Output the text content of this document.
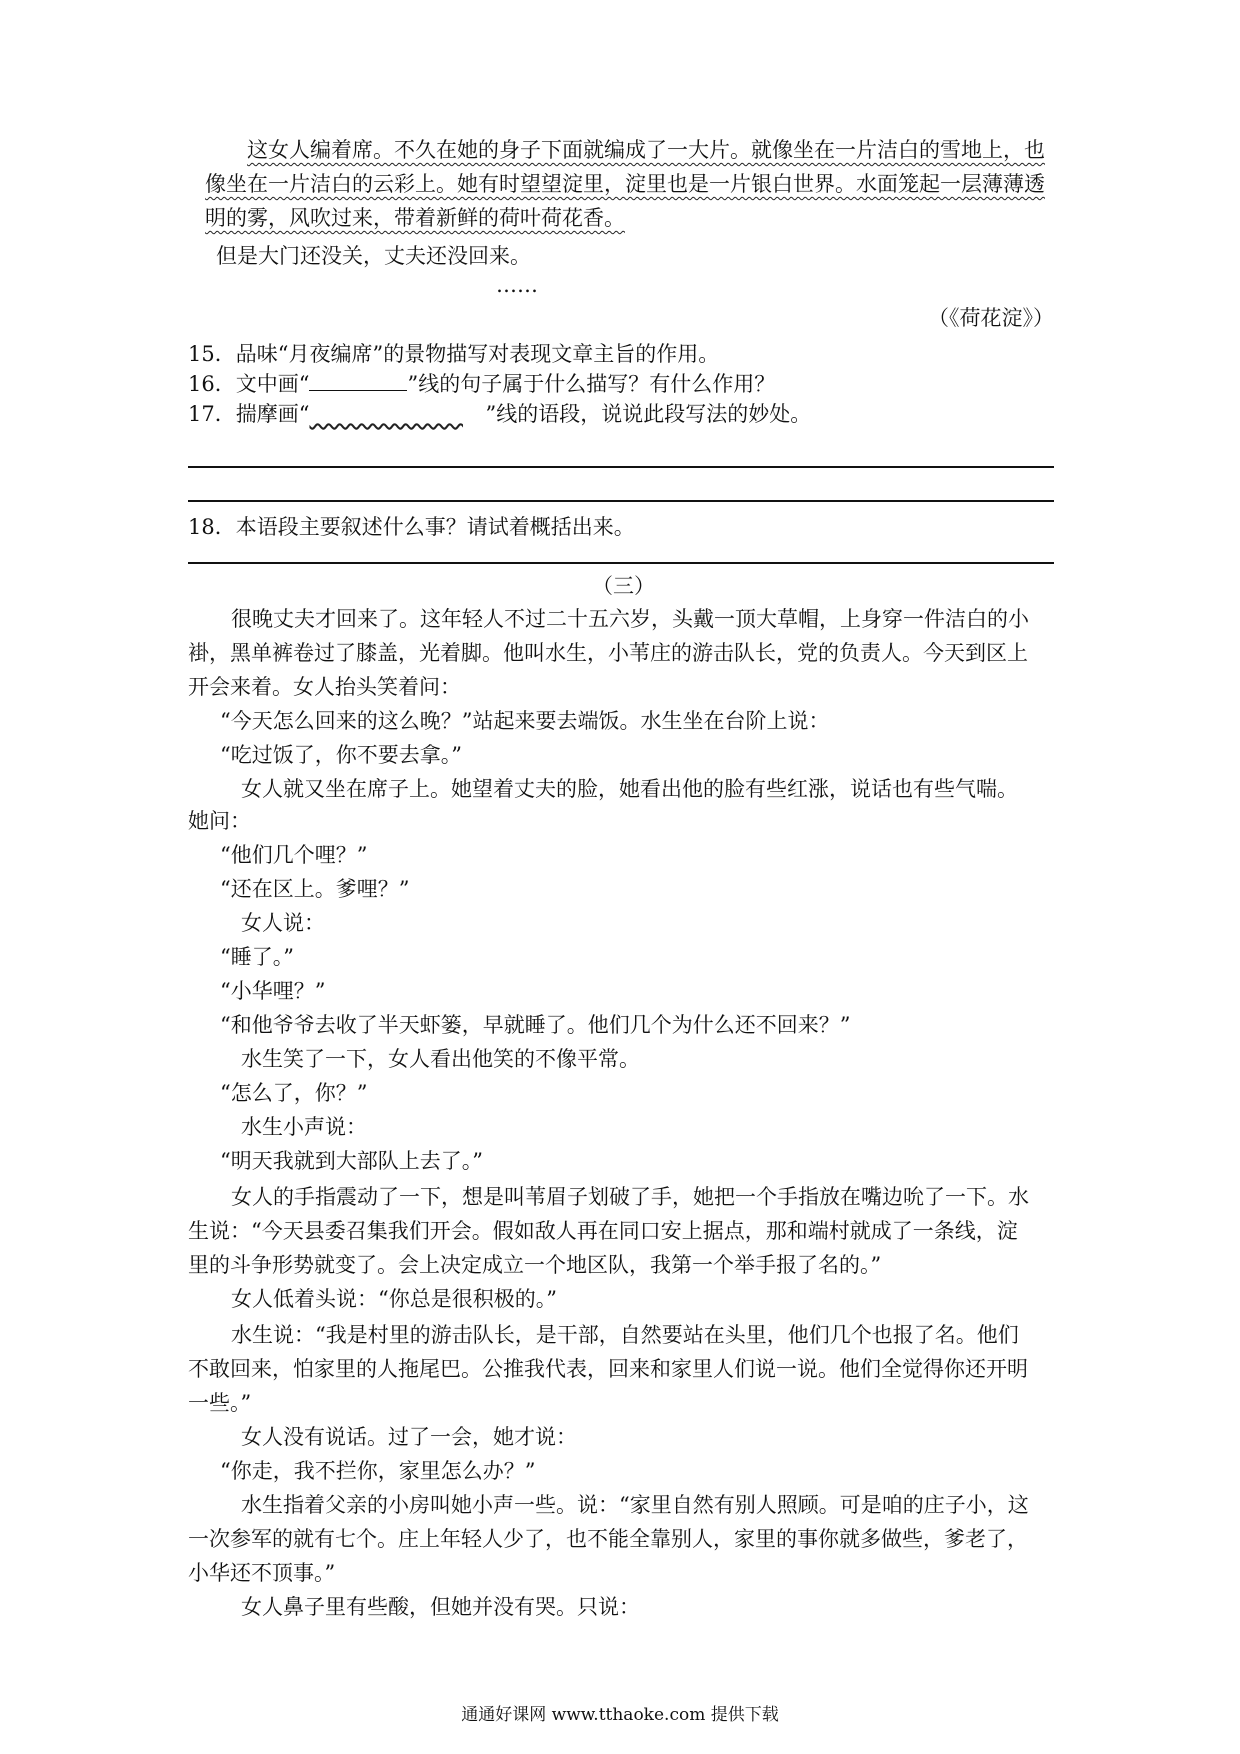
这女人编着席。不久在她的身子下面就编成了一大片。就像坐在一片洁白的雪地上，也
像坐在一片洁白的云彩上。她有时望望淀里，淀里也是一片银白世界。水面笼起一层薄薄透
明的雾，风吹过来，带着新鲜的荷叶荷花香。
但是大门还没关，丈夫还没回来。
……
（《荷花淀》）
15．品味“月夜编席”的景物描写对表现文章主旨的作用。
16．文中画“	”线的句子属于什么描写？有什么作用？
17．揣摩画“​                       ”线的语段，说说此段写法的妙处。
18．本语段主要叙述什么事？请试着概括出来。
（三）
很晚丈夫才回来了。这年轻人不过二十五六岁，头戴一顶大草帽，上身穿一件洁白的小
褂，黑单裤卷过了膝盖，光着脚。他叫水生，小苇庄的游击队长，党的负责人。今天到区上
开会来着。女人抬头笑着问：
“今天怎么回来的这么晚？”站起来要去端饭。水生坐在台阶上说：
“吃过饭了，你不要去拿。”
女人就又坐在席子上。她望着丈夫的脸，她看出他的脸有些红涨，说话也有些气喘。
她问：
“他们几个哩？”
“还在区上。爹哩？”
女人说：
“睡了。”
“小华哩？”
“和他爷爷去收了半天虾篓，早就睡了。他们几个为什么还不回来？”
水生笑了一下，女人看出他笑的不像平常。
“怎么了，你？”
水生小声说：
“明天我就到大部队上去了。”
女人的手指震动了一下，想是叫苇眉子划破了手，她把一个手指放在嘴边吮了一下。水
生说：“今天县委召集我们开会。假如敌人再在同口安上据点，那和端村就成了一条线，淀
里的斗争形势就变了。会上决定成立一个地区队，我第一个举手报了名的。”
女人低着头说：“你总是很积极的。”
水生说：“我是村里的游击队长，是干部，自然要站在头里，他们几个也报了名。他们
不敢回来，怕家里的人拖尾巴。公推我代表，回来和家里人们说一说。他们全觉得你还开明
一些。”
女人没有说话。过了一会，她才说：
“你走，我不拦你，家里怎么办？”
水生指着父亲的小房叫她小声一些。说：“家里自然有别人照顾。可是咱的庄子小，这
一次参军的就有七个。庄上年轻人少了，也不能全靠别人，家里的事你就多做些，爹老了，
小华还不顶事。”
女人鼻子里有些酸，但她并没有哭。只说：
通通好课网 www.tthaoke.com 提供下载
